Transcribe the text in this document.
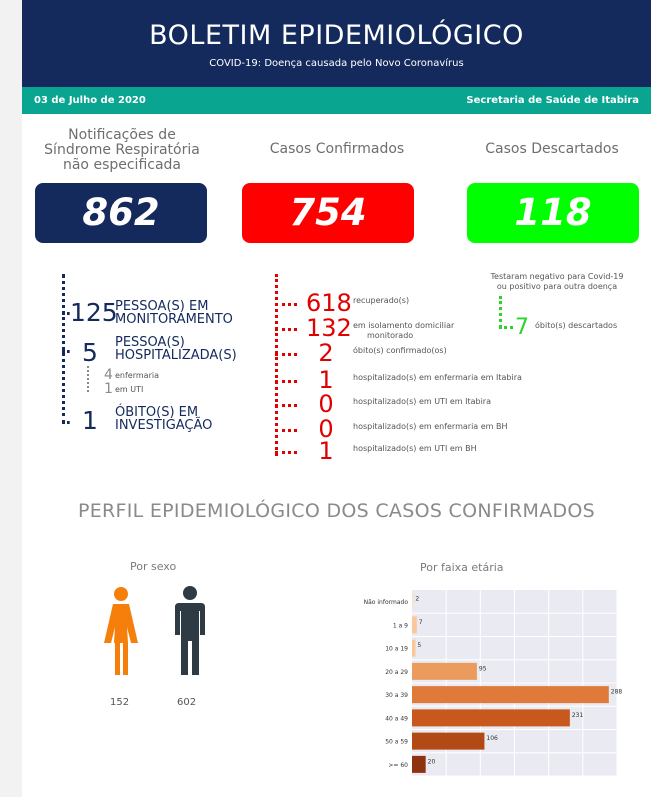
BOLETIM EPIDEMIOLÓGICO
COVID-19: Doença causada pelo Novo Coronavírus
03 de Julho de 2020	Secretaria de Saúde de Itabira
Notificações de
Síndrome Respiratória
não especificada
862
125
PESSOA(S) EM
MONITORAMENTO
5 PESSOA(S)
HOSPITALIZADA(S)
4 enfermaria
1 em UTI
1 ÓBITO(S) EM
INVESTIGAÇÃO
Casos Confirmados
754
618 recuperado(s)
132 em isolamento domiciliar
monitorado
2	óbito(s) confirmado(os)
1	hospitalizado(s) em enfermaria em Itabira
0	hospitalizado(s) em UTI em Itabira
0	hospitalizado(s) em enfermaria em BH
1	hospitalizado(s) em UTI em BH
Casos Descartados
118
Testaram negativo para Covid-19
ou positivo para outra doença
7 óbito(s) descartados
PERFIL EPIDEMIOLÓGICO DOS CASOS CONFIRMADOS
Por sexo
152	602
Por faixa etária
Não informado 2
1 a 9 7
10 a 19 5
20 a 29	95
30 a 39	288
40 a 49	231
50 a 59	106
>= 60	20
